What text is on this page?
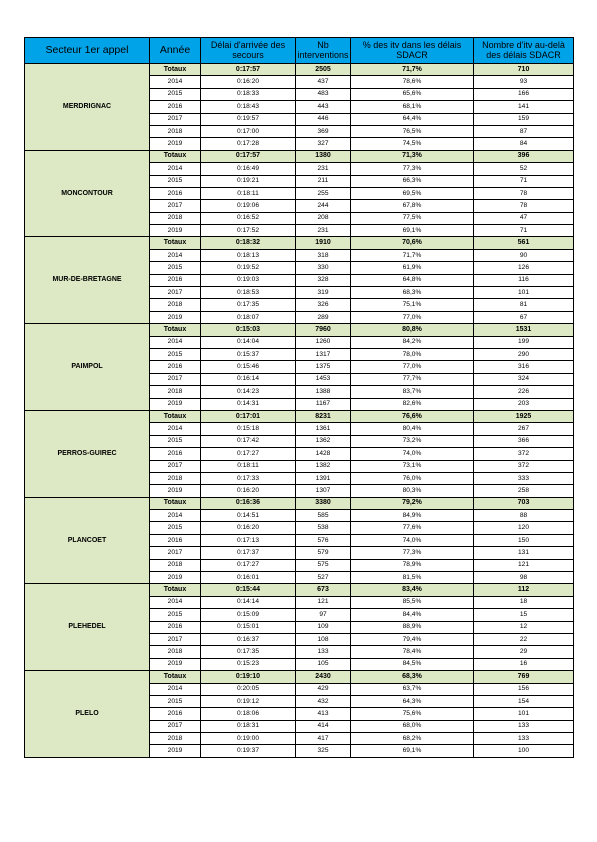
Secteur 1er appel	Année	Délai d'arrivée des secours	Nb interventions	% des itv dans les délais SDACR	Nombre d'itv au-delà des délais SDACR
MERDRIGNAC	Totaux	0:17:57	2505	71,7%	710
	2014	0:16:20	437	78,6%	93
	2015	0:18:33	483	65,6%	166
	2016	0:18:43	443	68,1%	141
	2017	0:19:57	446	64,4%	159
	2018	0:17:00	369	76,5%	87
	2019	0:17:28	327	74,5%	84
MONCONTOUR	Totaux	0:17:57	1380	71,3%	396
	2014	0:16:49	231	77,3%	52
	2015	0:19:21	211	66,3%	71
	2016	0:18:11	255	69,5%	78
	2017	0:19:06	244	67,8%	78
	2018	0:16:52	208	77,5%	47
	2019	0:17:52	231	69,1%	71
MUR-DE-BRETAGNE	Totaux	0:18:32	1910	70,6%	561
	2014	0:18:13	318	71,7%	90
	2015	0:19:52	330	61,9%	126
	2016	0:19:03	328	64,8%	116
	2017	0:18:53	319	68,3%	101
	2018	0:17:35	326	75,1%	81
	2019	0:18:07	289	77,0%	67
PAIMPOL	Totaux	0:15:03	7960	80,8%	1531
	2014	0:14:04	1260	84,2%	199
	2015	0:15:37	1317	78,0%	290
	2016	0:15:46	1375	77,0%	316
	2017	0:16:14	1453	77,7%	324
	2018	0:14:23	1388	83,7%	226
	2019	0:14:31	1167	82,6%	203
PERROS-GUIREC	Totaux	0:17:01	8231	76,6%	1925
	2014	0:15:18	1361	80,4%	267
	2015	0:17:42	1362	73,2%	366
	2016	0:17:27	1428	74,0%	372
	2017	0:18:11	1382	73,1%	372
	2018	0:17:33	1391	76,0%	333
	2019	0:16:20	1307	80,3%	258
PLANCOET	Totaux	0:16:36	3380	79,2%	703
	2014	0:14:51	585	84,9%	88
	2015	0:16:20	538	77,6%	120
	2016	0:17:13	576	74,0%	150
	2017	0:17:37	579	77,3%	131
	2018	0:17:27	575	78,9%	121
	2019	0:16:01	527	81,5%	98
PLEHEDEL	Totaux	0:15:44	673	83,4%	112
	2014	0:14:14	121	85,5%	18
	2015	0:15:09	97	84,4%	15
	2016	0:15:01	109	88,9%	12
	2017	0:16:37	108	79,4%	22
	2018	0:17:35	133	78,4%	29
	2019	0:15:23	105	84,5%	16
PLELO	Totaux	0:19:10	2430	68,3%	769
	2014	0:20:05	429	63,7%	156
	2015	0:19:12	432	64,3%	154
	2016	0:18:06	413	75,6%	101
	2017	0:18:31	414	68,0%	133
	2018	0:19:00	417	68,2%	133
	2019	0:19:37	325	69,1%	100
